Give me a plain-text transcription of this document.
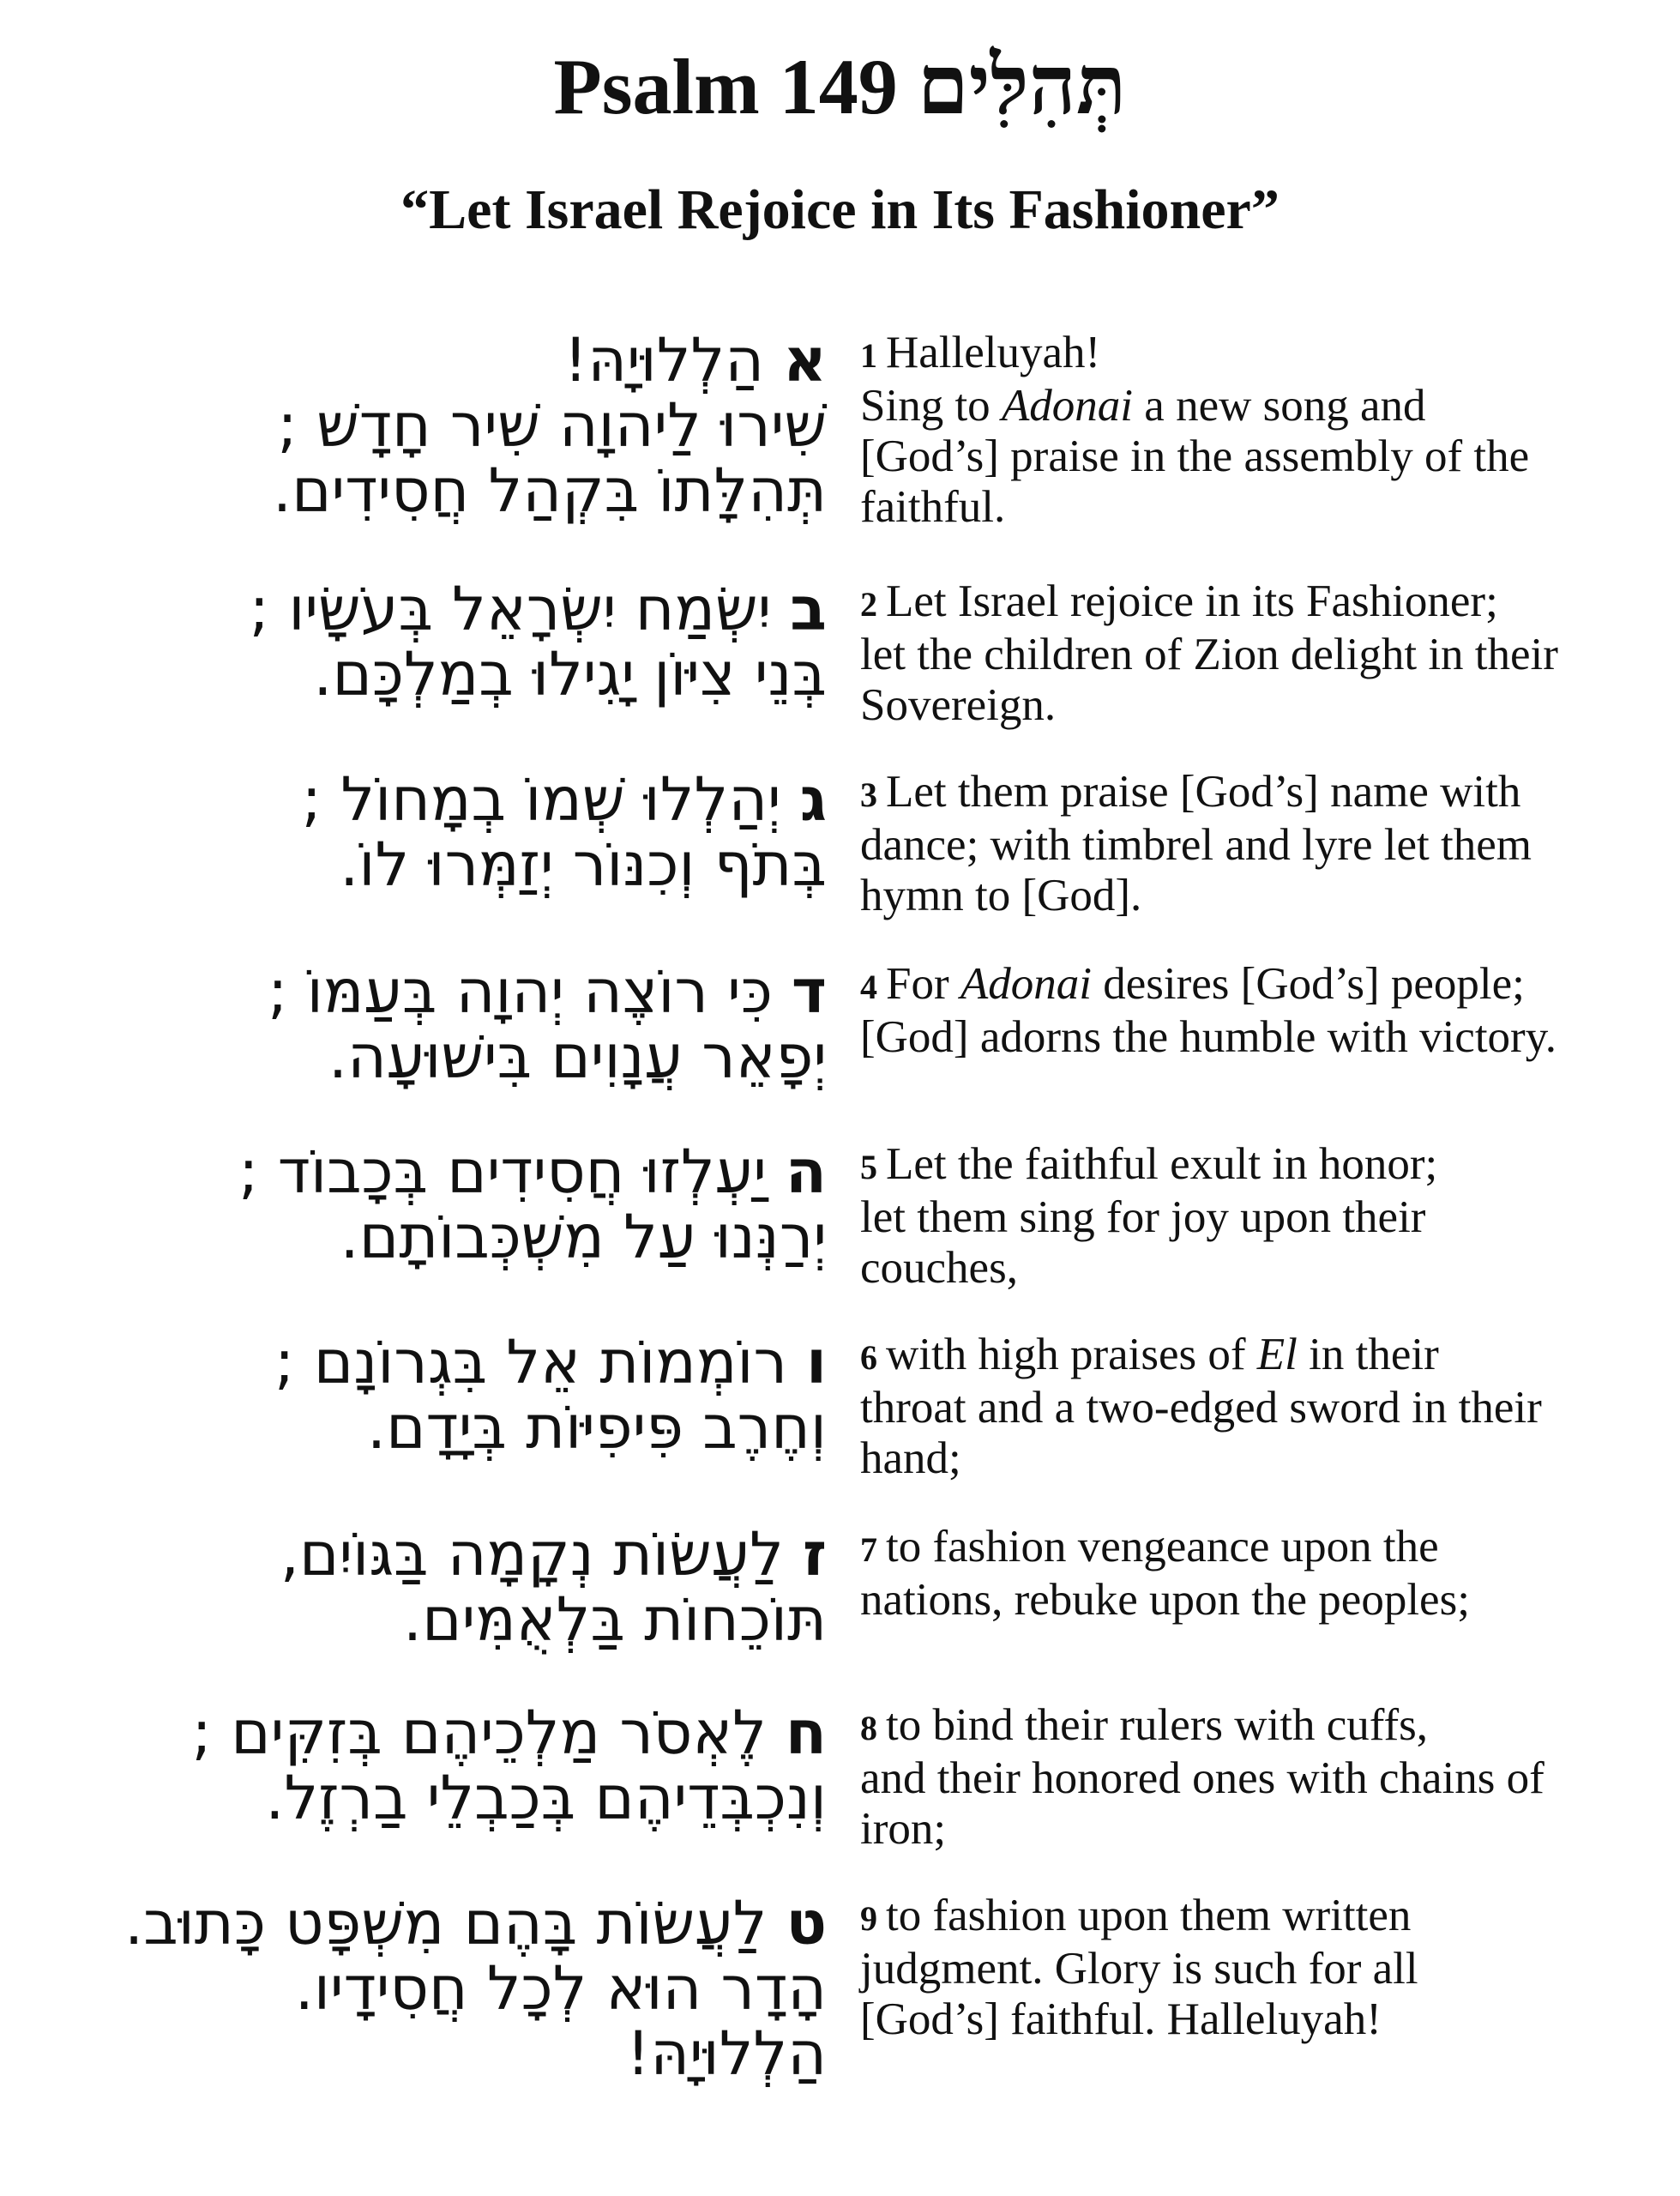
Psalm 149 תְּהִלִּים
“Let Israel Rejoice in Its Fashioner”
אהַלְלוּיָהּ!
שִׁירוּ לַיהוָה שִׁיר חָדָשׁ ;
תְּהִלָּתוֹ בִּקְהַל חֲסִידִים.
1 Halleluyah!
Sing to Adonai a new song and
[God’s] praise in the assembly of the
faithful.
ביִשְׂמַח יִשְׂרָאֵל בְּעֹשָׂיו ;
בְּנֵי צִיּוֹן יָגִילוּ בְמַלְכָּם.
2 Let Israel rejoice in its Fashioner;
let the children of Zion delight in their
Sovereign.
גיְהַלְלוּ שְׁמוֹ בְמָחוֹל ;
בְּתֹף וְכִנּוֹר יְזַמְּרוּ לוֹ.
3 Let them praise [God’s] name with
dance; with timbrel and lyre let them
hymn to [God].
דכִּי רוֹצֶה יְהוָה בְּעַמּוֹ ;
יְפָאֵר עֲנָוִים בִּישׁוּעָה.
4 For Adonai desires [God’s] people;
[God] adorns the humble with victory.
היַעְלְזוּ חֲסִידִים בְּכָבוֹד ;
יְרַנְּנוּ עַל מִשְׁכְּבוֹתָם.
5 Let the faithful exult in honor;
let them sing for joy upon their
couches,
ורוֹמְמוֹת אֵל בִּגְרוֹנָם ;
וְחֶרֶב פִּיפִיּוֹת בְּיָדָם.
6 with high praises of El in their
throat and a two-edged sword in their
hand;
זלַעֲשׂוֹת נְקָמָה בַּגּוֹיִם,
תּוֹכֵחוֹת בַּלְאֻמִּים.
7 to fashion vengeance upon the
nations, rebuke upon the peoples;
חלֶאְסֹר מַלְכֵיהֶם בְּזִקִּים ;
וְנִכְבְּדֵיהֶם בְּכַבְלֵי בַרְזֶל.
8 to bind their rulers with cuffs,
and their honored ones with chains of
iron;
טלַעֲשׂוֹת בָּהֶם מִשְׁפָּט כָּתוּב.
הָדָר הוּא לְכָל חֲסִידָיו.
הַלְלוּיָהּ!
9 to fashion upon them written
judgment. Glory is such for all
[God’s] faithful. Halleluyah!
